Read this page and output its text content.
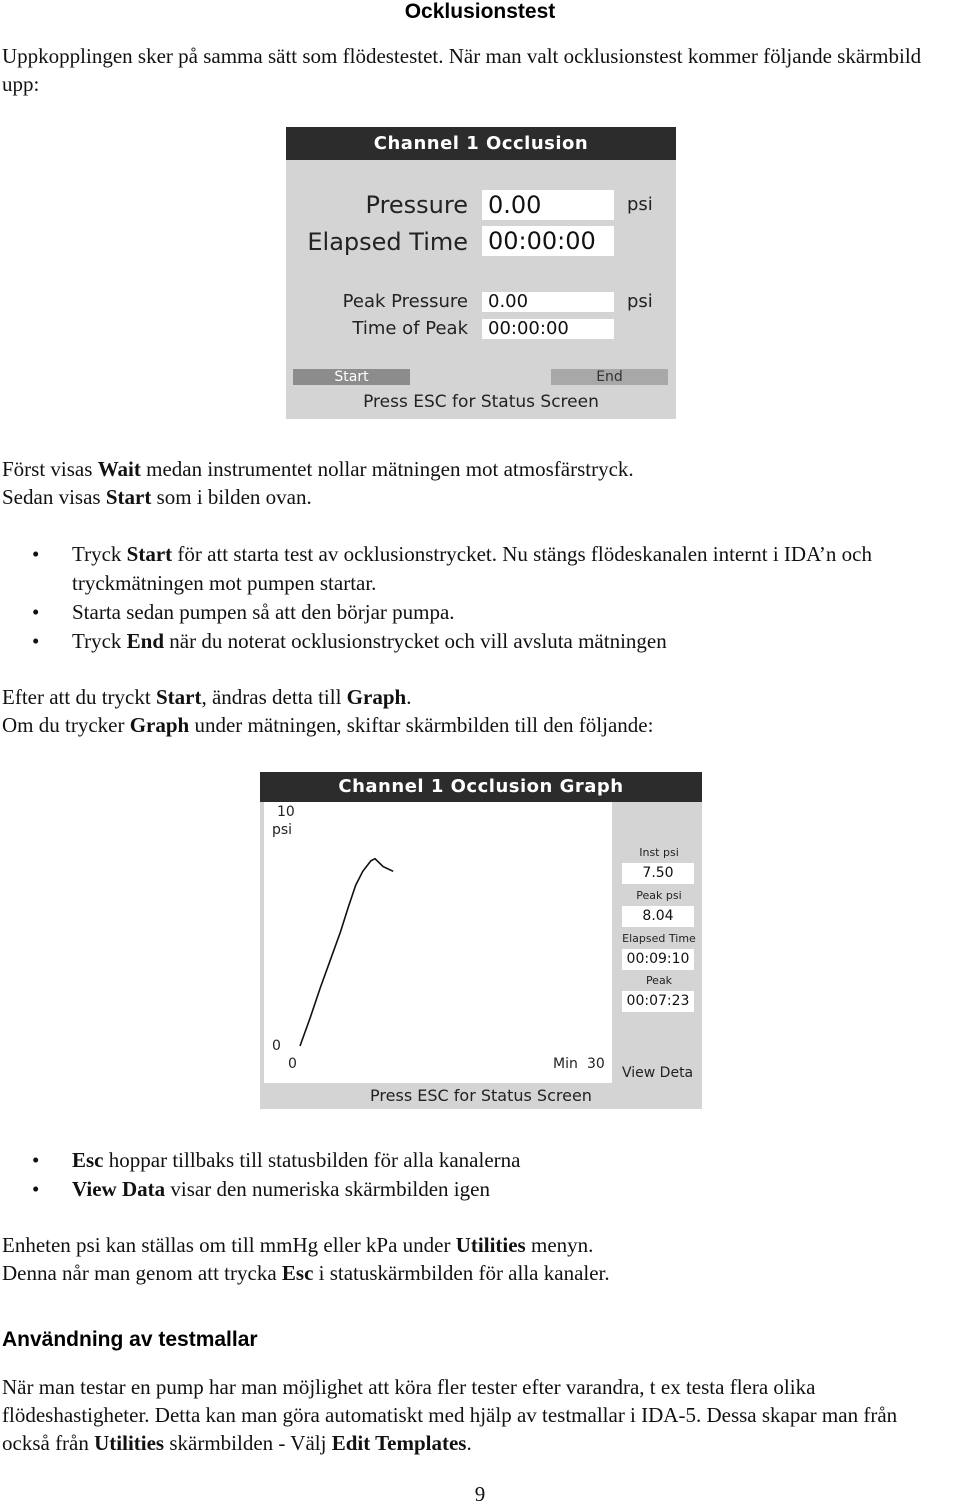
Ocklusionstest

Uppkopplingen sker på samma sätt som flödestestet. När man valt ocklusionstest kommer följande skärmbild upp:

Channel 1 Occlusion
Pressure 0.00	psi
Elapsed Time 00:00:00
Peak Pressure	0.00	psi
Time of Peak	00:00:00
Start	End
Press ESC for Status Screen

Först visas Wait medan instrumentet nollar mätningen mot atmosfärstryck.
Sedan visas Start som i bilden ovan.

• Tryck Start för att starta test av ocklusionstrycket. Nu stängs flödeskanalen internt i IDA’n och tryckmätningen mot pumpen startar.
• Starta sedan pumpen så att den börjar pumpa.
• Tryck End när du noterat ocklusionstrycket och vill avsluta mätningen

Efter att du tryckt Start, ändras detta till Graph.
Om du trycker Graph under mätningen, skiftar skärmbilden till den följande:

Channel 1 Occlusion Graph
10
psi
0
0	Min 30
Inst psi
7.50
Peak psi
8.04
Elapsed Time
00:09:10
Peak
00:07:23
View Deta
Press ESC for Status Screen
• Esc hoppar tillbaks till statusbilden för alla kanalerna
• View Data visar den numeriska skärmbilden igen

Enheten psi kan ställas om till mmHg eller kPa under Utilities menyn.
Denna når man genom att trycka Esc i statuskärmbilden för alla kanaler.

Användning av testmallar

När man testar en pump har man möjlighet att köra fler tester efter varandra, t ex testa flera olika flödeshastigheter. Detta kan man göra automatiskt med hjälp av testmallar i IDA-5. Dessa skapar man från också från Utilities skärmbilden - Välj Edit Templates.

9
